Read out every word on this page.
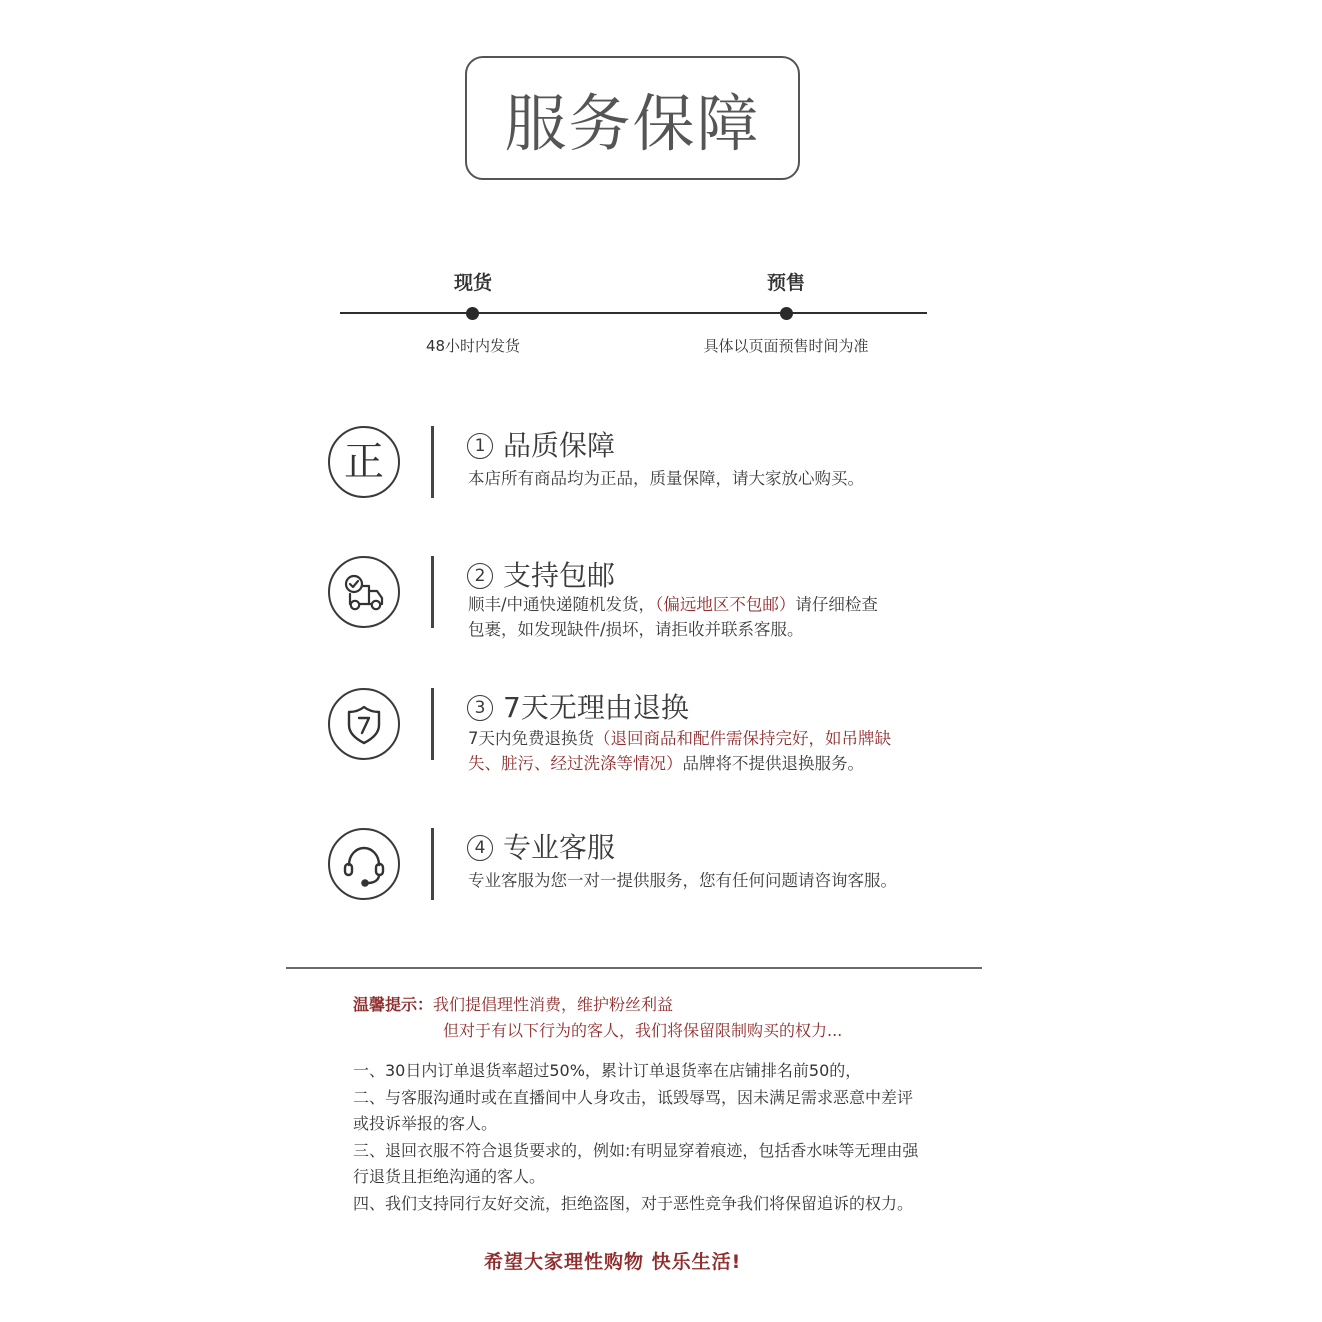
服务保障
现货	预售
48小时内发货	具体以页面预售时间为准
正	1 品质保障
本店所有商品均为正品，质量保障，请大家放心购买。
2 支持包邮
顺丰/中通快递随机发货，（偏远地区不包邮）请仔细检查
包裹，如发现缺件/损坏，请拒收并联系客服。
3 7天无理由退换
7天内免费退换货（退回商品和配件需保持完好，如吊牌缺
失、脏污、经过洗涤等情况）品牌将不提供退换服务。
4 专业客服
专业客服为您一对一提供服务，您有任何问题请咨询客服。
温馨提示：我们提倡理性消费，维护粉丝利益
但对于有以下行为的客人，我们将保留限制购买的权力...
一、30日内订单退货率超过50%，累计订单退货率在店铺排名前50的，
二、与客服沟通时或在直播间中人身攻击，诋毁辱骂，因未满足需求恶意中差评
或投诉举报的客人。
三、退回衣服不符合退货要求的，例如:有明显穿着痕迹，包括香水味等无理由强
行退货且拒绝沟通的客人。
四、我们支持同行友好交流，拒绝盗图，对于恶性竞争我们将保留追诉的权力。
希望大家理性购物 快乐生活!
